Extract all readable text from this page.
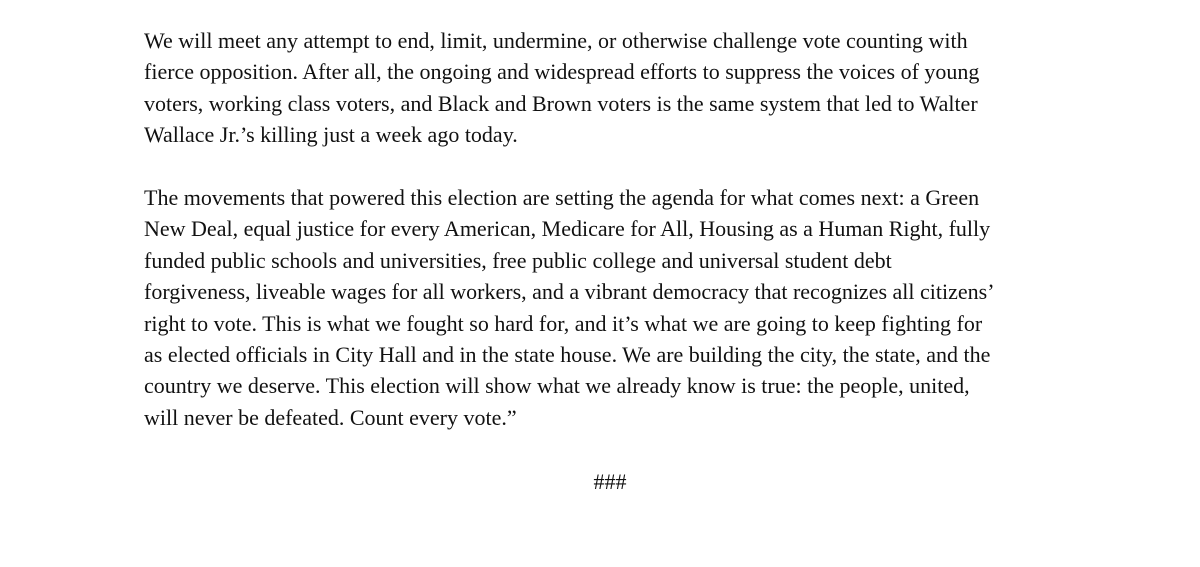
We will meet any attempt to end, limit, undermine, or otherwise challenge vote counting with
fierce opposition. After all, the ongoing and widespread efforts to suppress the voices of young
voters, working class voters, and Black and Brown voters is the same system that led to Walter
Wallace Jr.’s killing just a week ago today.
The movements that powered this election are setting the agenda for what comes next: a Green
New Deal, equal justice for every American, Medicare for All, Housing as a Human Right, fully
funded public schools and universities, free public college and universal student debt
forgiveness, liveable wages for all workers, and a vibrant democracy that recognizes all citizens’
right to vote. This is what we fought so hard for, and it’s what we are going to keep fighting for
as elected officials in City Hall and in the state house. We are building the city, the state, and the
country we deserve. This election will show what we already know is true: the people, united,
will never be defeated. Count every vote.”
###
